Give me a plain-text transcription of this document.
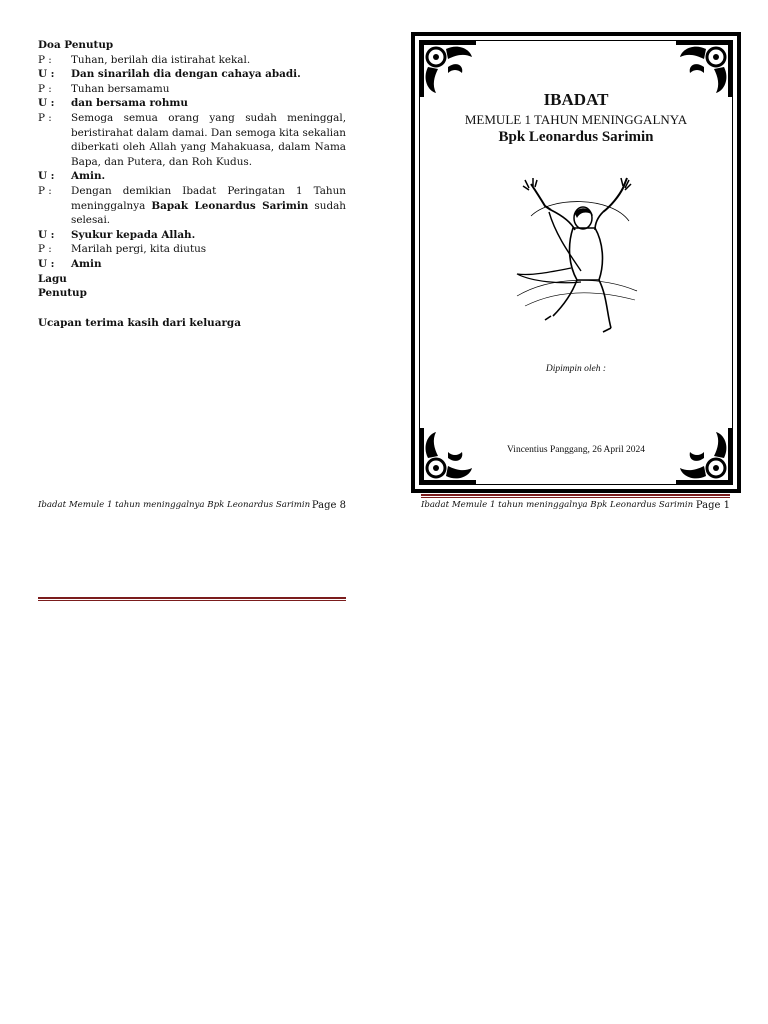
Doa Penutup
P :	Tuhan, berilah dia istirahat kekal.
U :	Dan sinarilah dia dengan cahaya abadi.
P :	Tuhan bersamamu
U :	dan bersama rohmu
P :	Semoga semua orang yang sudah meninggal, beristirahat dalam damai. Dan semoga kita sekalian diberkati oleh Allah yang Mahakuasa, dalam Nama Bapa, dan Putera, dan Roh Kudus.
U :	Amin.
P :	Dengan demikian Ibadat Peringatan 1 Tahun meninggalnya Bapak Leonardus Sarimin sudah selesai.
U :	Syukur kepada Allah.
P :	Marilah pergi, kita diutus
U :	Amin
Lagu
Penutup
Ucapan terima kasih dari keluarga
Ibadat Memule 1 tahun meninggalnya Bpk Leonardus Sarimin Page 8
IBADAT
MEMULE 1 TAHUN MENINGGALNYA
Bpk Leonardus Sarimin
Dipimpin oleh :
Vincentius Panggang, 26 April 2024
Ibadat Memule 1 tahun meninggalnya Bpk Leonardus Sarimin Page 1
